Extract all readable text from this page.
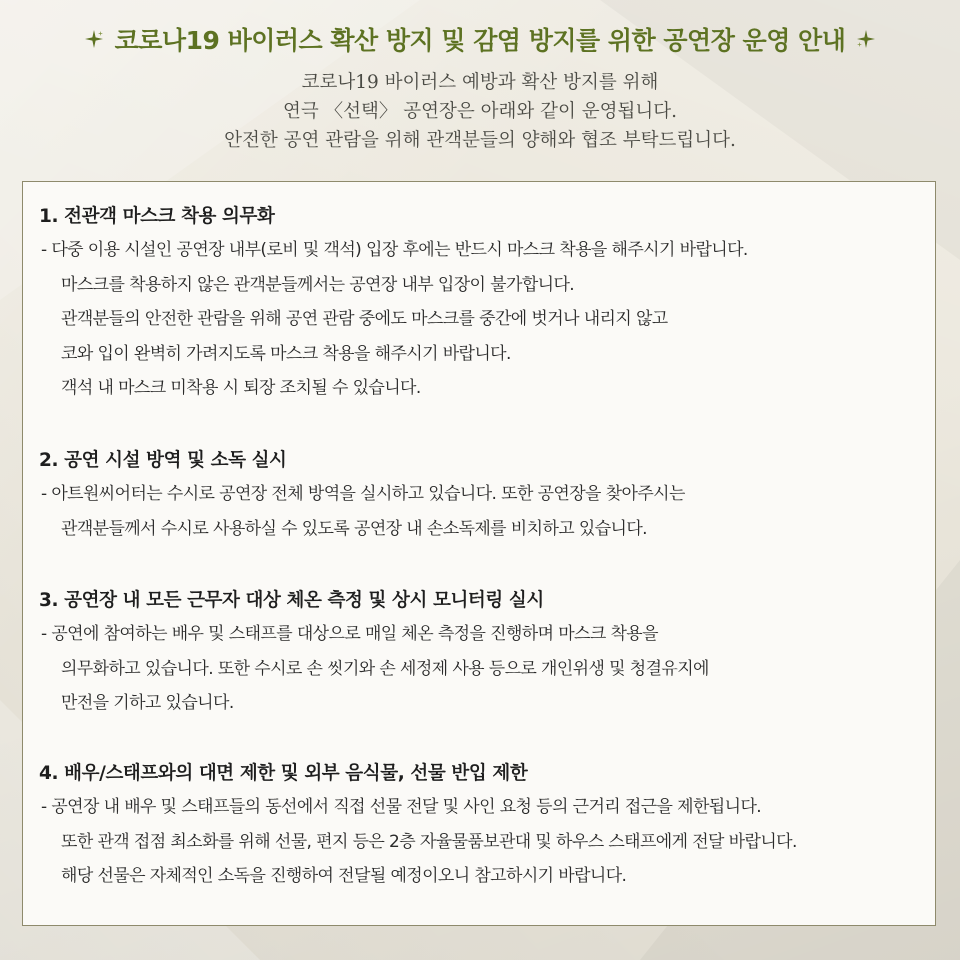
코로나19 바이러스 확산 방지 및 감염 방지를 위한 공연장 운영 안내
코로나19 바이러스 예방과 확산 방지를 위해
연극 〈선택〉 공연장은 아래와 같이 운영됩니다.
안전한 공연 관람을 위해 관객분들의 양해와 협조 부탁드립니다.
1. 전관객 마스크 착용 의무화
- 다중 이용 시설인 공연장 내부(로비 및 객석) 입장 후에는 반드시 마스크 착용을 해주시기 바랍니다.
마스크를 착용하지 않은 관객분들께서는 공연장 내부 입장이 불가합니다.
관객분들의 안전한 관람을 위해 공연 관람 중에도 마스크를 중간에 벗거나 내리지 않고
코와 입이 완벽히 가려지도록 마스크 착용을 해주시기 바랍니다.
객석 내 마스크 미착용 시 퇴장 조치될 수 있습니다.
2. 공연 시설 방역 및 소독 실시
- 아트원씨어터는 수시로 공연장 전체 방역을 실시하고 있습니다. 또한 공연장을 찾아주시는
관객분들께서 수시로 사용하실 수 있도록 공연장 내 손소독제를 비치하고 있습니다.
3. 공연장 내 모든 근무자 대상 체온 측정 및 상시 모니터링 실시
- 공연에 참여하는 배우 및 스태프를 대상으로 매일 체온 측정을 진행하며 마스크 착용을
의무화하고 있습니다. 또한 수시로 손 씻기와 손 세정제 사용 등으로 개인위생 및 청결유지에
만전을 기하고 있습니다.
4. 배우/스태프와의 대면 제한 및 외부 음식물, 선물 반입 제한
- 공연장 내 배우 및 스태프들의 동선에서 직접 선물 전달 및 사인 요청 등의 근거리 접근을 제한됩니다.
또한 관객 접점 최소화를 위해 선물, 편지 등은 2층 자율물품보관대 및 하우스 스태프에게 전달 바랍니다.
해당 선물은 자체적인 소독을 진행하여 전달될 예정이오니 참고하시기 바랍니다.
